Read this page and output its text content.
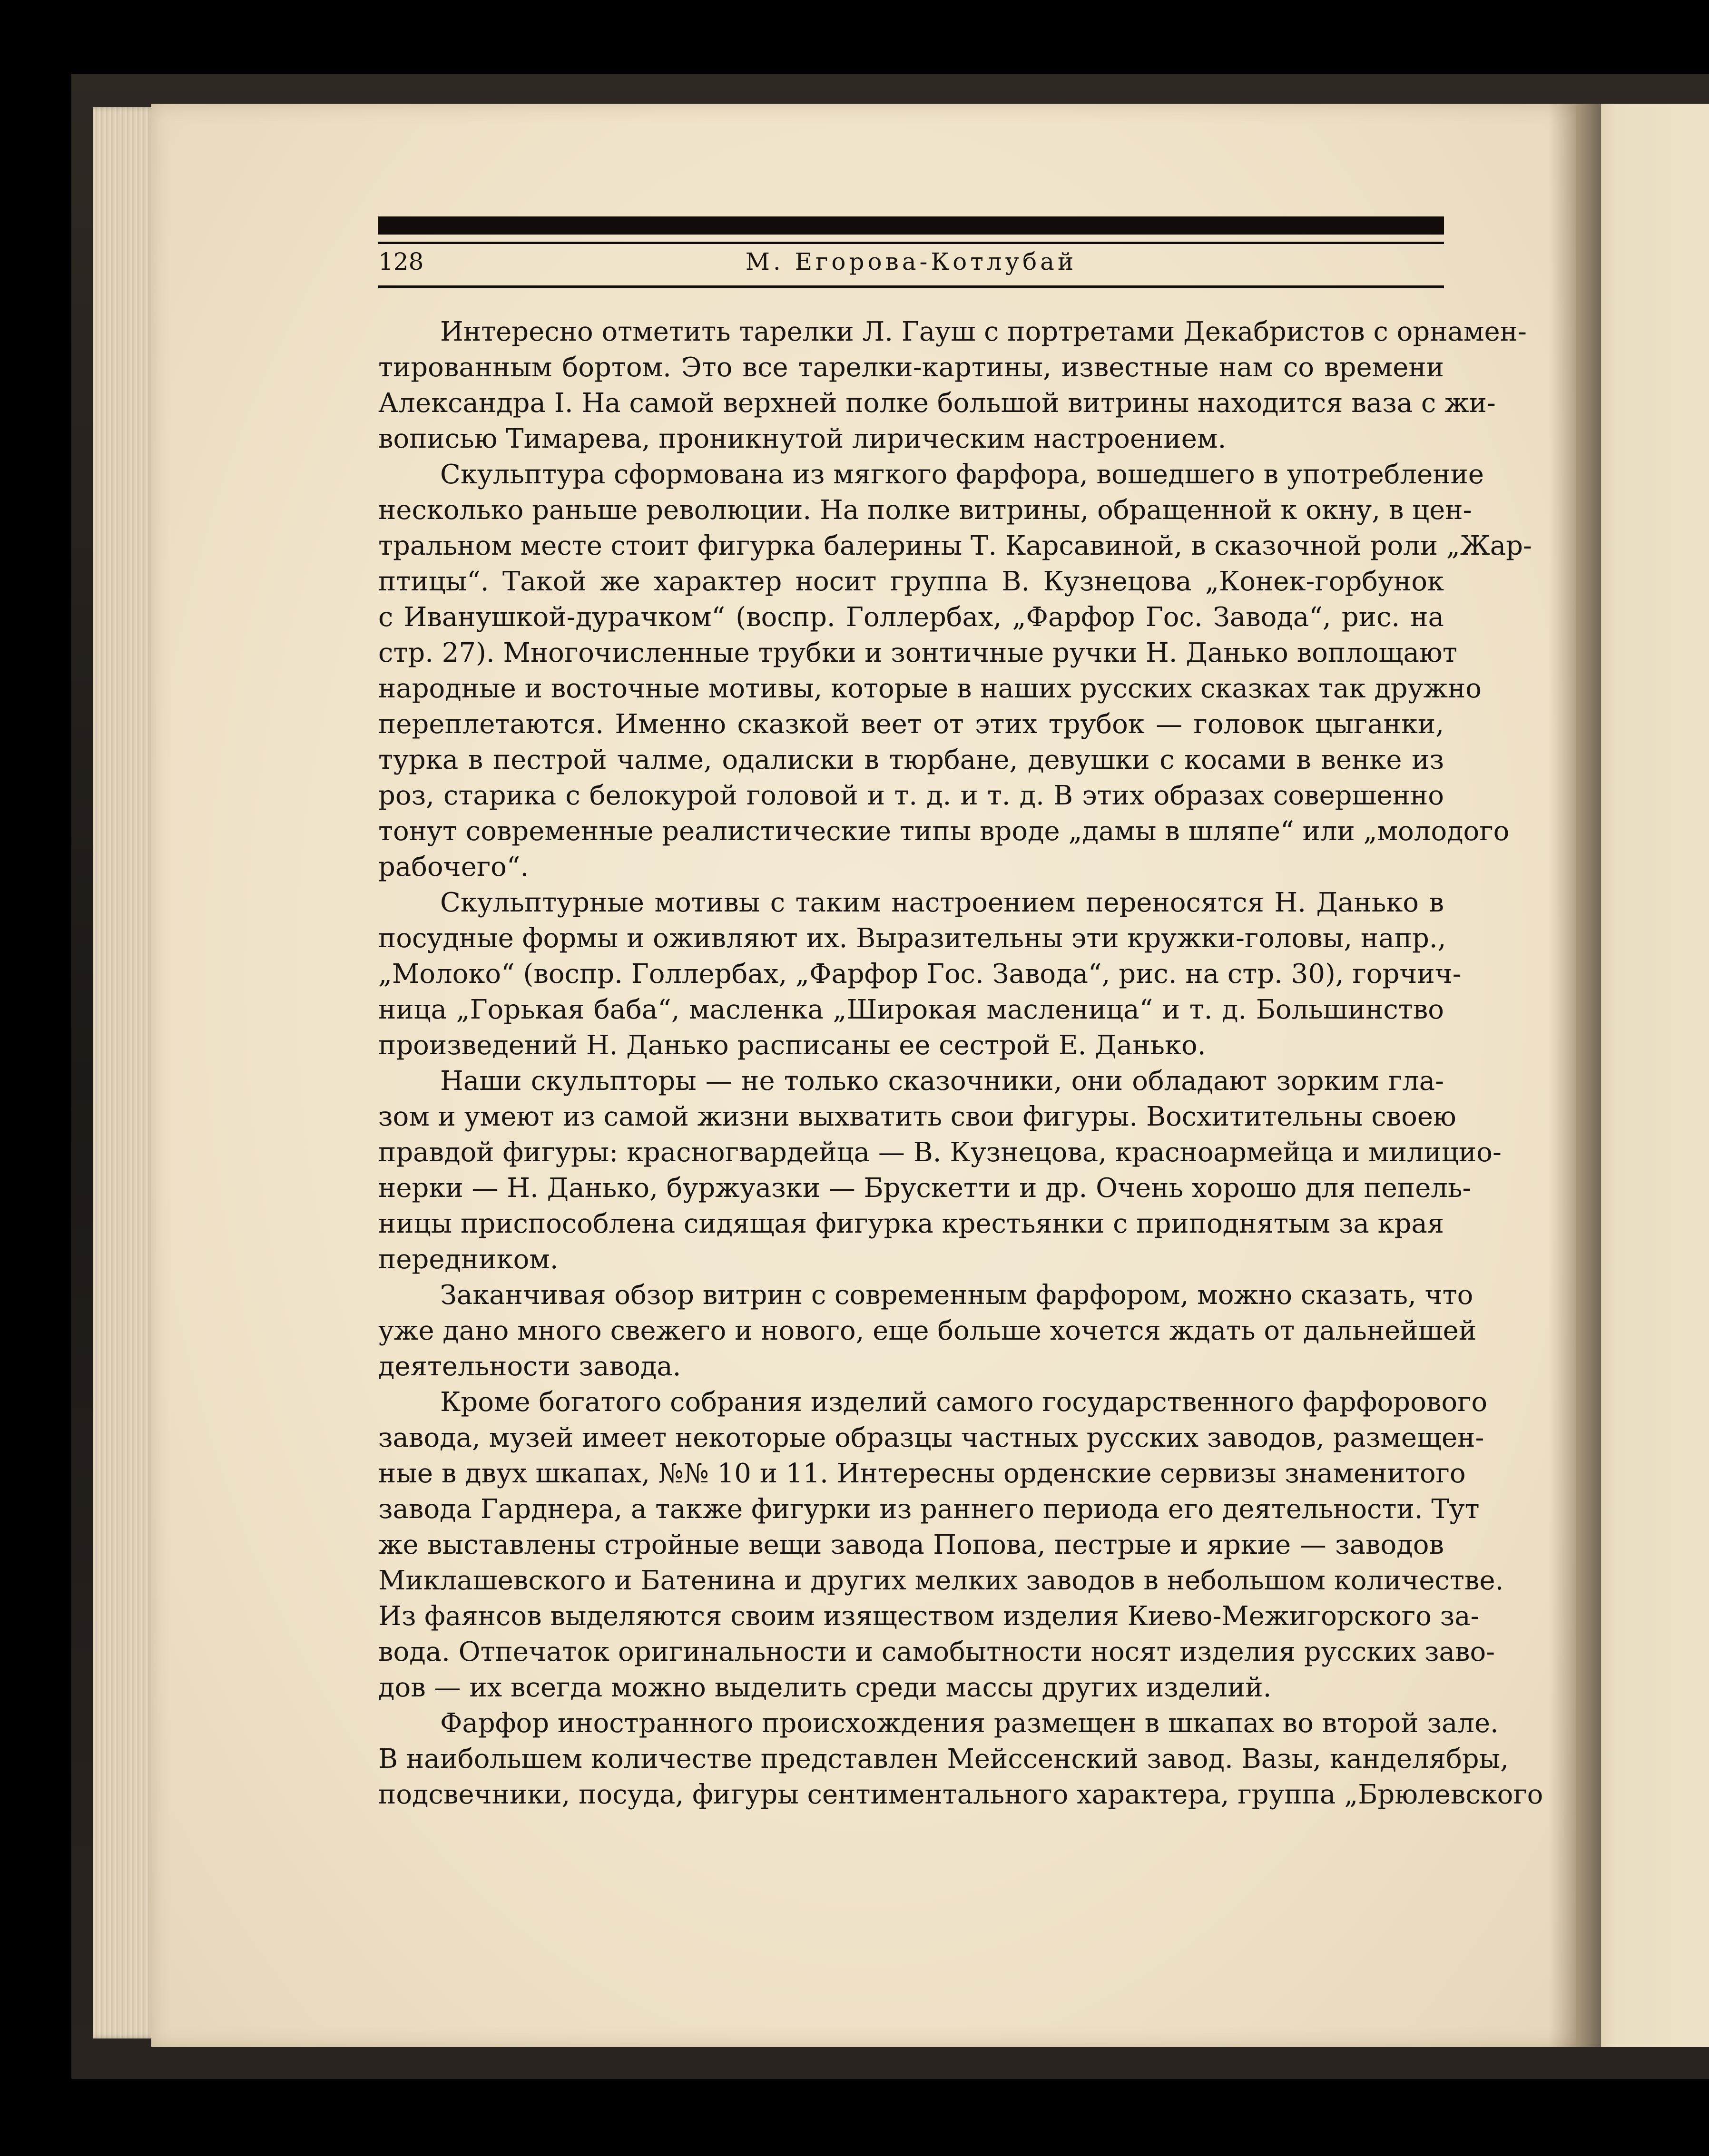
128	М. Егорова-Котлубай
Интересно отметить тарелки Л. Гауш с портретами Декабристов с орнамен-
тированным бортом. Это все тарелки-картины, известные нам со времени
Александра I. На самой верхней полке большой витрины находится ваза с жи-
вописью Тимарева, проникнутой лирическим настроением.
Скульптура сформована из мягкого фарфора, вошедшего в употребление
несколько раньше революции. На полке витрины, обращенной к окну, в цен-
тральном месте стоит фигурка балерины Т. Карсавиной, в сказочной роли „Жар-
птицы“. Такой же характер носит группа В. Кузнецова „Конек-горбунок
с Иванушкой-дурачком“ (воспр. Голлербах, „Фарфор Гос. Завода“, рис. на
стр. 27). Многочисленные трубки и зонтичные ручки Н. Данько воплощают
народные и восточные мотивы, которые в наших русских сказках так дружно
переплетаются. Именно сказкой веет от этих трубок — головок цыганки,
турка в пестрой чалме, одалиски в тюрбане, девушки с косами в венке из
роз, старика с белокурой головой и т. д. и т. д. В этих образах совершенно
тонут современные реалистические типы вроде „дамы в шляпе“ или „молодого
рабочего“.
Скульптурные мотивы с таким настроением переносятся Н. Данько в
посудные формы и оживляют их. Выразительны эти кружки-головы, напр.,
„Молоко“ (воспр. Голлербах, „Фарфор Гос. Завода“, рис. на стр. 30), горчич-
ница „Горькая баба“, масленка „Широкая масленица“ и т. д. Большинство
произведений Н. Данько расписаны ее сестрой Е. Данько.
Наши скульпторы — не только сказочники, они обладают зорким гла-
зом и умеют из самой жизни выхватить свои фигуры. Восхитительны своею
правдой фигуры: красногвардейца — В. Кузнецова, красноармейца и милицио-
нерки — Н. Данько, буржуазки — Брускетти и др. Очень хорошо для пепель-
ницы приспособлена сидящая фигурка крестьянки с приподнятым за края
передником.
Заканчивая обзор витрин с современным фарфором, можно сказать, что
уже дано много свежего и нового, еще больше хочется ждать от дальнейшей
деятельности завода.
Кроме богатого собрания изделий самого государственного фарфорового
завода, музей имеет некоторые образцы частных русских заводов, размещен-
ные в двух шкапах, №№ 10 и 11. Интересны орденские сервизы знаменитого
завода Гарднера, а также фигурки из раннего периода его деятельности. Тут
же выставлены стройные вещи завода Попова, пестрые и яркие — заводов
Миклашевского и Батенина и других мелких заводов в небольшом количестве.
Из фаянсов выделяются своим изяществом изделия Киево-Межигорского за-
вода. Отпечаток оригинальности и самобытности носят изделия русских заво-
дов — их всегда можно выделить среди массы других изделий.
Фарфор иностранного происхождения размещен в шкапах во второй зале.
В наибольшем количестве представлен Мейссенский завод. Вазы, канделябры,
подсвечники, посуда, фигуры сентиментального характера, группа „Брюлевского
